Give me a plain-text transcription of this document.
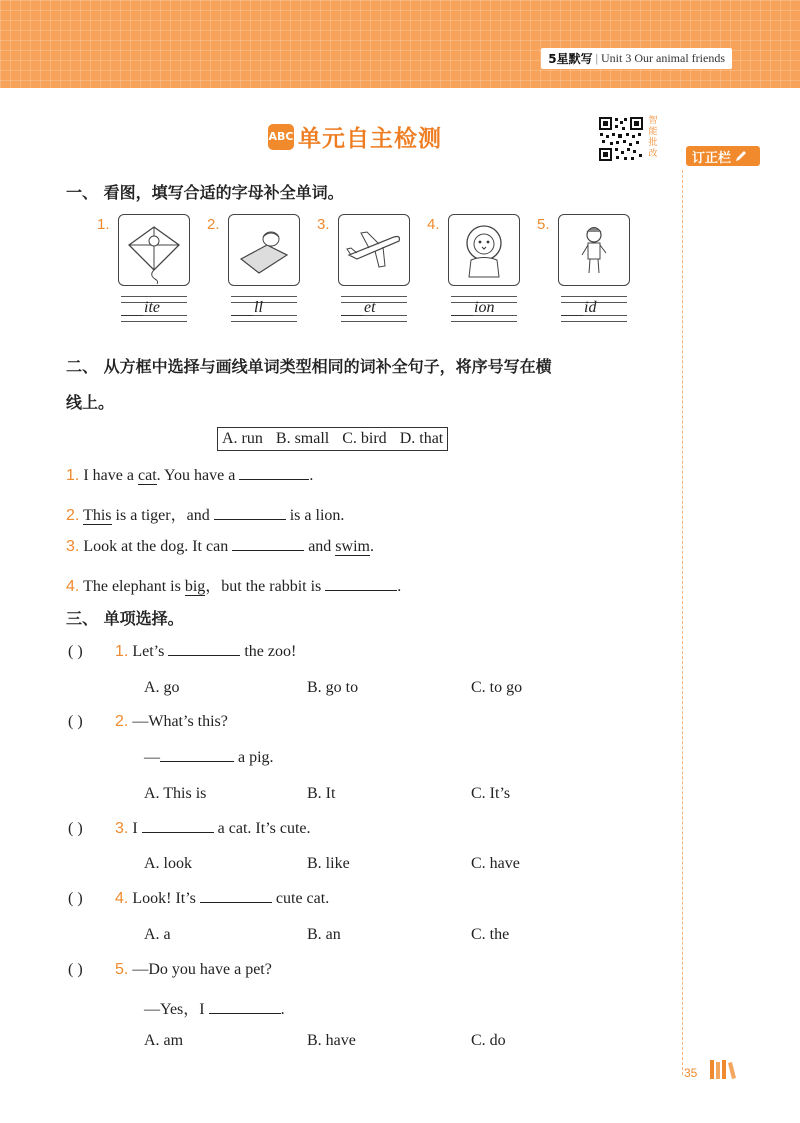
5星默写 | Unit 3 Our animal friends
ABC 单元自主检测
智能批改	订正栏
一、 看图，填写合适的字母补全单词。
1.
ite
2.
ll
3.
et
4.
ion
5.
id
二、 从方框中选择与画线单词类型相同的词补全句子，将序号写在横
线上。
A. run B. small C. bird D. that
1. I have a cat. You have a	.
2. This is a tiger，and	is a lion.
3. Look at the dog. It can	and swim.
4. The elephant is big，but the rabbit is	.
三、 单项选择。
( ) 1. Let’s	the zoo!
A. go	B. go to	C. to go
( ) 2. —What’s this?
—	a pig.
A. This is	B. It	C. It’s
( ) 3. I	a cat. It’s cute.
A. look	B. like	C. have
( ) 4. Look! It’s	cute cat.
A. a	B. an	C. the
( ) 5. —Do you have a pet?
—Yes，I	.
A. am	B. have	C. do
35
